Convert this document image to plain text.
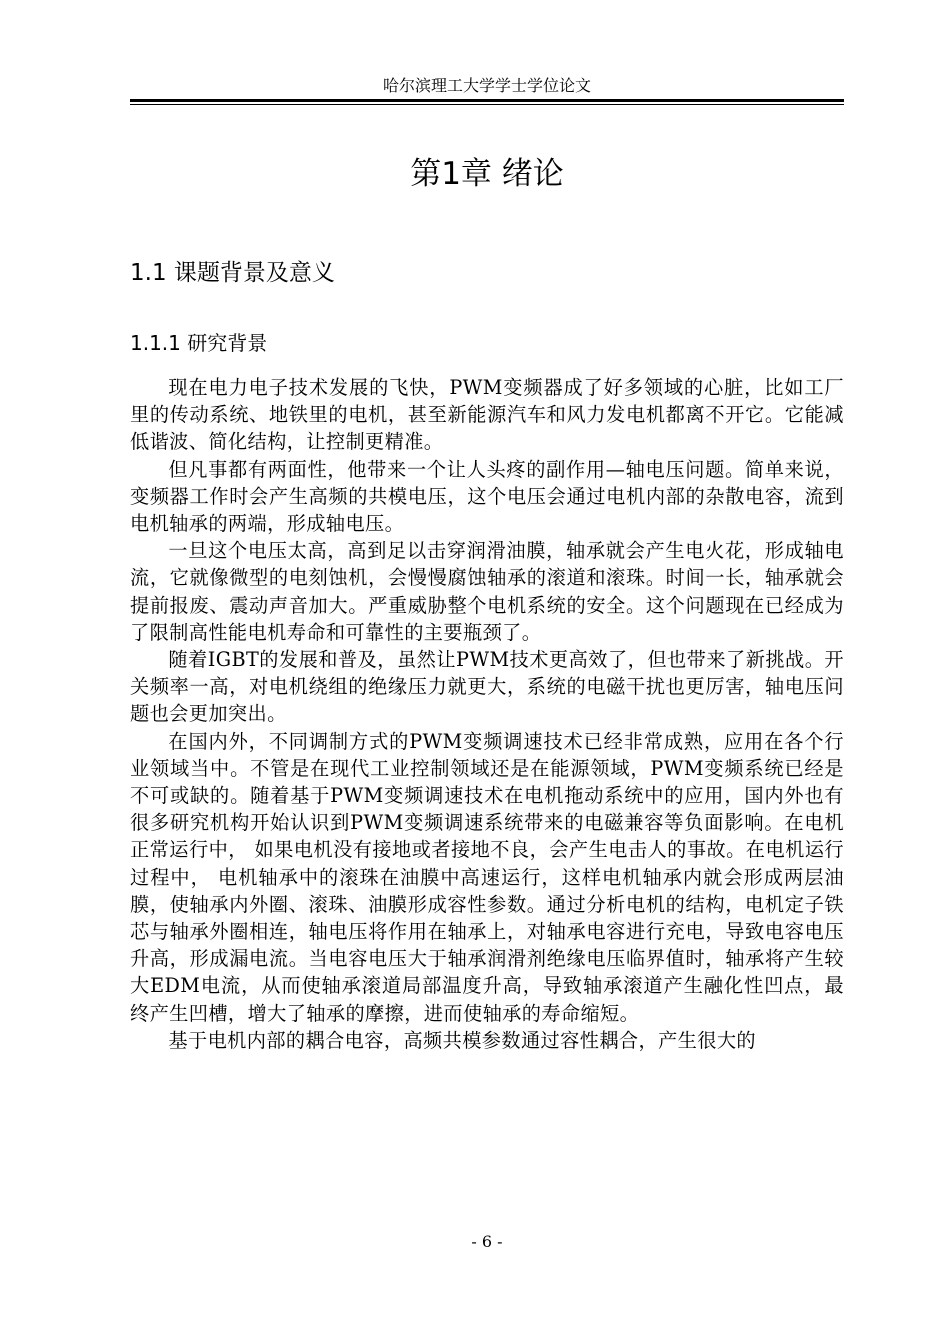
哈尔滨理工大学学士学位论文
第1章 绪论
1.1 课题背景及意义
1.1.1 研究背景

现在电力电子技术发展的飞快，PWM变频器成了好多领域的心脏，比如工厂里的传动系统、地铁里的电机，甚至新能源汽车和风力发电机都离不开它。它能减低谐波、简化结构，让控制更精准。

但凡事都有两面性，他带来一个让人头疼的副作用—轴电压问题。简单来说，变频器工作时会产生高频的共模电压，这个电压会通过电机内部的杂散电容，流到电机轴承的两端，形成轴电压。

一旦这个电压太高，高到足以击穿润滑油膜，轴承就会产生电火花，形成轴电流，它就像微型的电刻蚀机，会慢慢腐蚀轴承的滚道和滚珠。时间一长，轴承就会提前报废、震动声音加大。严重威胁整个电机系统的安全。这个问题现在已经成为了限制高性能电机寿命和可靠性的主要瓶颈了。

随着IGBT的发展和普及，虽然让PWM技术更高效了，但也带来了新挑战。开关频率一高，对电机绕组的绝缘压力就更大，系统的电磁干扰也更厉害，轴电压问题也会更加突出。

在国内外，不同调制方式的PWM变频调速技术已经非常成熟，应用在各个行业领域当中。不管是在现代工业控制领域还是在能源领域，PWM变频系统已经是不可或缺的。随着基于PWM变频调速技术在电机拖动系统中的应用，国内外也有很多研究机构开始认识到PWM变频调速系统带来的电磁兼容等负面影响。在电机正常运行中， 如果电机没有接地或者接地不良，会产生电击人的事故。在电机运行过程中， 电机轴承中的滚珠在油膜中高速运行，这样电机轴承内就会形成两层油膜，使轴承内外圈、滚珠、油膜形成容性参数。通过分析电机的结构，电机定子铁芯与轴承外圈相连，轴电压将作用在轴承上，对轴承电容进行充电，导致电容电压升高，形成漏电流。当电容电压大于轴承润滑剂绝缘电压临界值时，轴承将产生较大EDM电流，从而使轴承滚道局部温度升高，导致轴承滚道产生融化性凹点，最终产生凹槽，增大了轴承的摩擦，进而使轴承的寿命缩短。

基于电机内部的耦合电容，高频共模参数通过容性耦合，产生很大的

- 6 -
